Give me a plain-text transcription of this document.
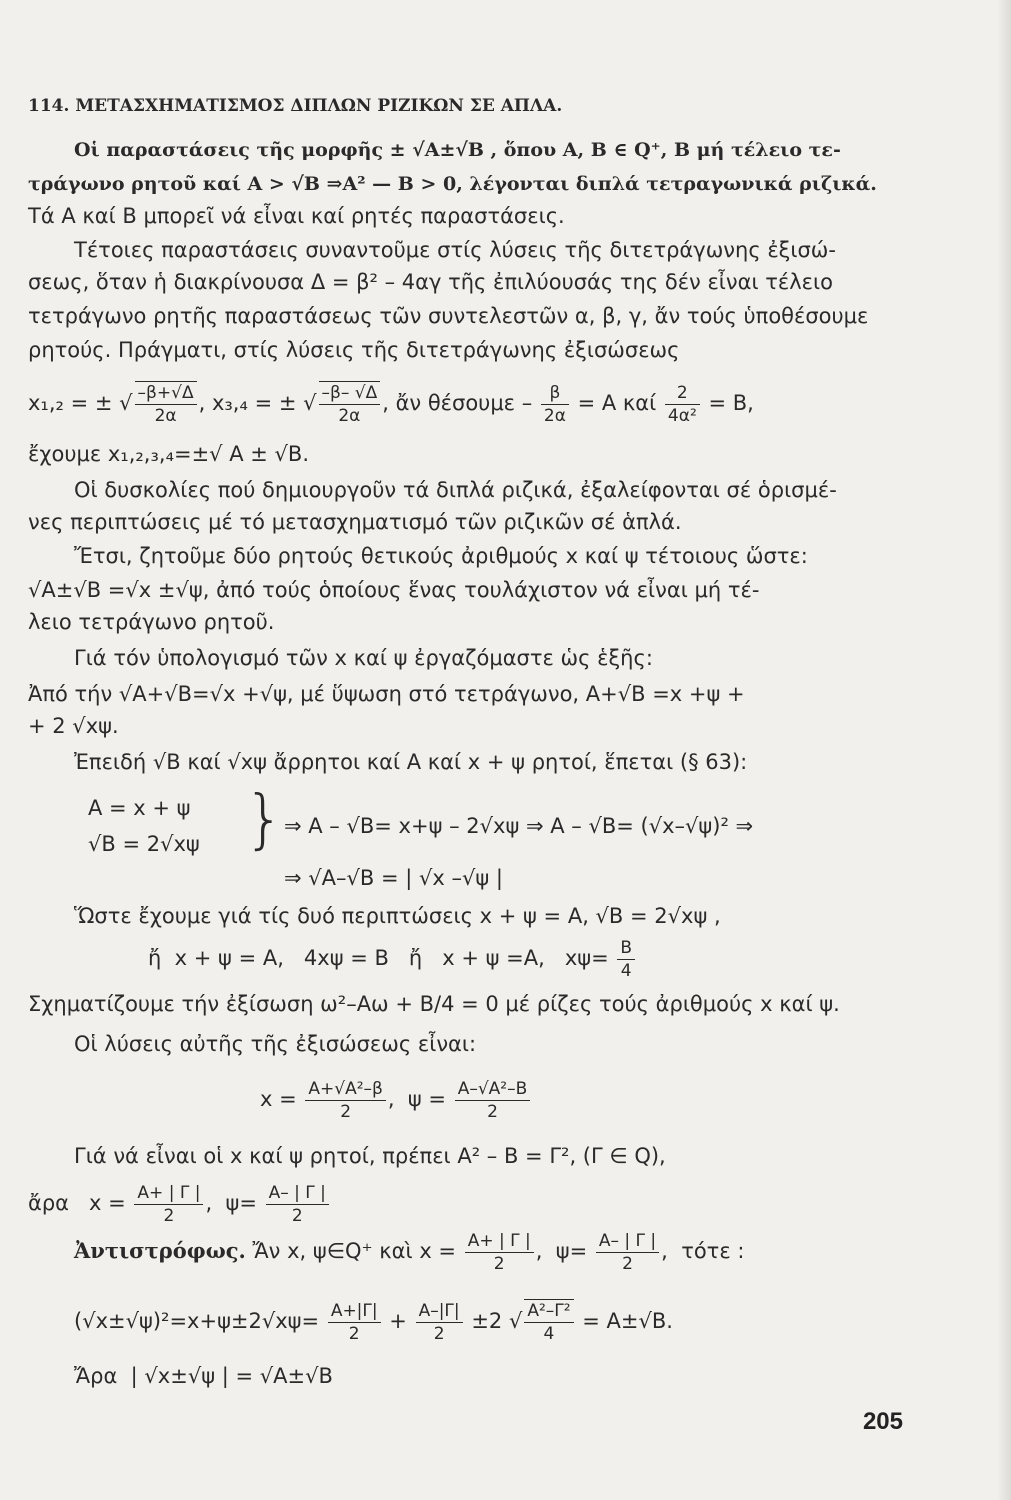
114. ΜΕΤΑΣΧΗΜΑΤΙΣΜΟΣ ΔΙΠΛΩΝ ΡΙΖΙΚΩΝ ΣΕ ΑΠΛΑ.
Οἱ παραστάσεις τῆς μορφῆς ± √A±√B , ὅπου A, B ∈ Q⁺, B μή τέλειο τε-
τράγωνο ρητοῦ καί A > √B ⇒A² — B > 0, λέγονται διπλά τετραγωνικά ριζικά.
Τά A καί B μπορεῖ νά εἶναι καί ρητές παραστάσεις.
Τέτοιες παραστάσεις συναντοῦμε στίς λύσεις τῆς διτετράγωνης ἐξισώ-
σεως, ὅταν ἡ διακρίνουσα Δ = β² – 4αγ τῆς ἐπιλύουσάς της δέν εἶναι τέλειο
τετράγωνο ρητῆς παραστάσεως τῶν συντελεστῶν α, β, γ, ἄν τούς ὑποθέσουμε
ρητούς. Πράγματι, στίς λύσεις τῆς διτετράγωνης ἐξισώσεως
x₁,₂ = ± √ $\frac{-\beta+√\Delta}{2\alpha}$ , x₃,₄ = ± √ $\frac{-\beta- √\Delta}{2\alpha}$ , ἄν $\theta έ\sigma o\upsilon\mu\varepsilon - \frac{\beta}{2\alpha} = A$ καί $\frac{2}{\text{4α²}} = B$,
ἔχουμε x₁,₂,₃,₄=±√ A ± √B.
Οἱ δυσκολίες πού δημιουργοῦν τά διπλά ριζικά, ἐξαλείφονται σέ ὁρισμέ-
νες περιπτώσεις μέ τό μετασχηματισμό τῶν ριζικῶν σέ ἁπλά.
Ἔτσι, ζητοῦμε δύο ρητούς θετικούς ἀριθμούς x καί ψ τέτοιους ὥστε:
√A±√B =√x ±√ψ, ἀπό τούς ὁποίους ἕνας τουλάχιστον νά εἶναι μή τέ-
λειο τετράγωνο ρητοῦ.
Γιά τόν ὑπολογισμό τῶν x καί ψ ἐργαζόμαστε ὡς ἑξῆς:
Ἀπό τήν √A+√B=√x +√ψ, μέ ὕψωση στό τετράγωνο, A+√B =x +ψ +
+ 2 √xψ.
Ἐπειδή √B καί √xψ ἄρρητοι καί A καί x + ψ ρητοί, ἕπεται (§ 63):
A = x + ψ
√B = 2√xψ } ⇒ A – √B= x+ψ – 2√xψ ⇒ A – √B= (√x–√ψ)² ⇒
⇒ √A–√B = | √x –√ψ |
Ὥστε ἔχουμε γιά τίς δυό περιπτώσεις x + ψ = A, √B = 2√xψ ,
ἤ  x + ψ = A,   4xψ = B   ἤ   x + ψ =A,   $x\psi= \frac{B}{4}$
Σχηματίζουμε τήν ἐξίσωση ω²–Aω + B/4 = 0 μέ ρίζες τούς ἀριθμούς x καί ψ.
Οἱ λύσεις αὐτῆς τῆς ἐξισώσεως εἶναι:
$x = \frac{\text{A+√A²–β}}{2}$ ,  $\psi = \frac{\text{A–√A²–B}}{2}$
Γιά νά εἶναι οἱ x καί ψ ρητοί, πρέπει A² – B = Γ², (Γ ∈ Q),
ἄρα   $x = \frac{A+ | \Gamma |}{2}$ ,  $\psi= \frac{A- | \Gamma |}{2}$
Ἀντιστρόφως. Ἄν x, ψ∈Q⁺ καὶ $x = \frac{A+ | \Gamma |}{2}$ ,  $\psi= \frac{A- | \Gamma |}{2}$ ,  τότε :
$(√x\pm√\psi)^2=x+\psi\pm 2√x\psi= \frac{A+|\Gamma|}{2} + \frac{A-|\Gamma|}{2} \pm 2$ √ $\frac{\text{A²–Γ²}}{4} = A\pm√B$.
Ἄρα  | √x±√ψ | = √A±√B
205
